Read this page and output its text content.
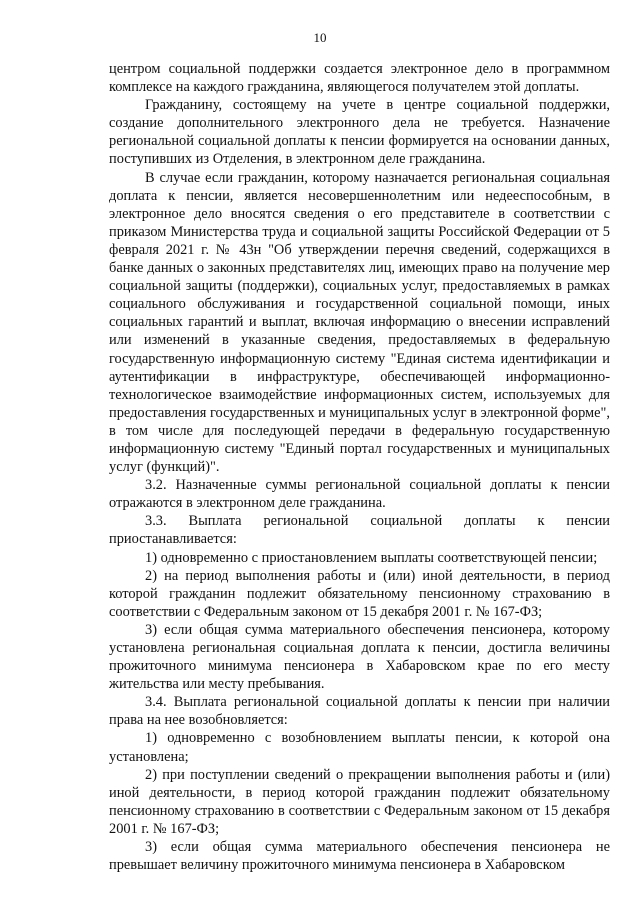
10

центром социальной поддержки создается электронное дело в программном комплексе на каждого гражданина, являющегося получателем этой доплаты.

Гражданину, состоящему на учете в центре социальной поддержки, создание дополнительного электронного дела не требуется. Назначение региональной социальной доплаты к пенсии формируется на основании данных, поступивших из Отделения, в электронном деле гражданина.

В случае если гражданин, которому назначается региональная социальная доплата к пенсии, является несовершеннолетним или недееспособным, в электронное дело вносятся сведения о его представителе в соответствии с приказом Министерства труда и социальной защиты Российской Федерации от 5 февраля 2021 г. № 43н "Об утверждении перечня сведений, содержащихся в банке данных о законных представителях лиц, имеющих право на получение мер социальной защиты (поддержки), социальных услуг, предоставляемых в рамках социального обслуживания и государственной социальной помощи, иных социальных гарантий и выплат, включая информацию о внесении исправлений или изменений в указанные сведения, предоставляемых в федеральную государственную информационную систему "Единая система идентификации и аутентификации в инфраструктуре, обеспечивающей информационно-технологическое взаимодействие информационных систем, используемых для предоставления государственных и муниципальных услуг в электронной форме", в том числе для последующей передачи в федеральную государственную информационную систему "Единый портал государственных и муниципальных услуг (функций)".

3.2. Назначенные суммы региональной социальной доплаты к пенсии отражаются в электронном деле гражданина.

3.3. Выплата региональной социальной доплаты к пенсии приостанавливается:

1) одновременно с приостановлением выплаты соответствующей пенсии;

2) на период выполнения работы и (или) иной деятельности, в период которой гражданин подлежит обязательному пенсионному страхованию в соответствии с Федеральным законом от 15 декабря 2001 г. № 167-ФЗ;

3) если общая сумма материального обеспечения пенсионера, которому установлена региональная социальная доплата к пенсии, достигла величины прожиточного минимума пенсионера в Хабаровском крае по его месту жительства или месту пребывания.

3.4. Выплата региональной социальной доплаты к пенсии при наличии права на нее возобновляется:

1) одновременно с возобновлением выплаты пенсии, к которой она установлена;

2) при поступлении сведений о прекращении выполнения работы и (или) иной деятельности, в период которой гражданин подлежит обязательному пенсионному страхованию в соответствии с Федеральным законом от 15 декабря 2001 г. № 167-ФЗ;

3) если общая сумма материального обеспечения пенсионера не превышает величину прожиточного минимума пенсионера в Хабаровском
